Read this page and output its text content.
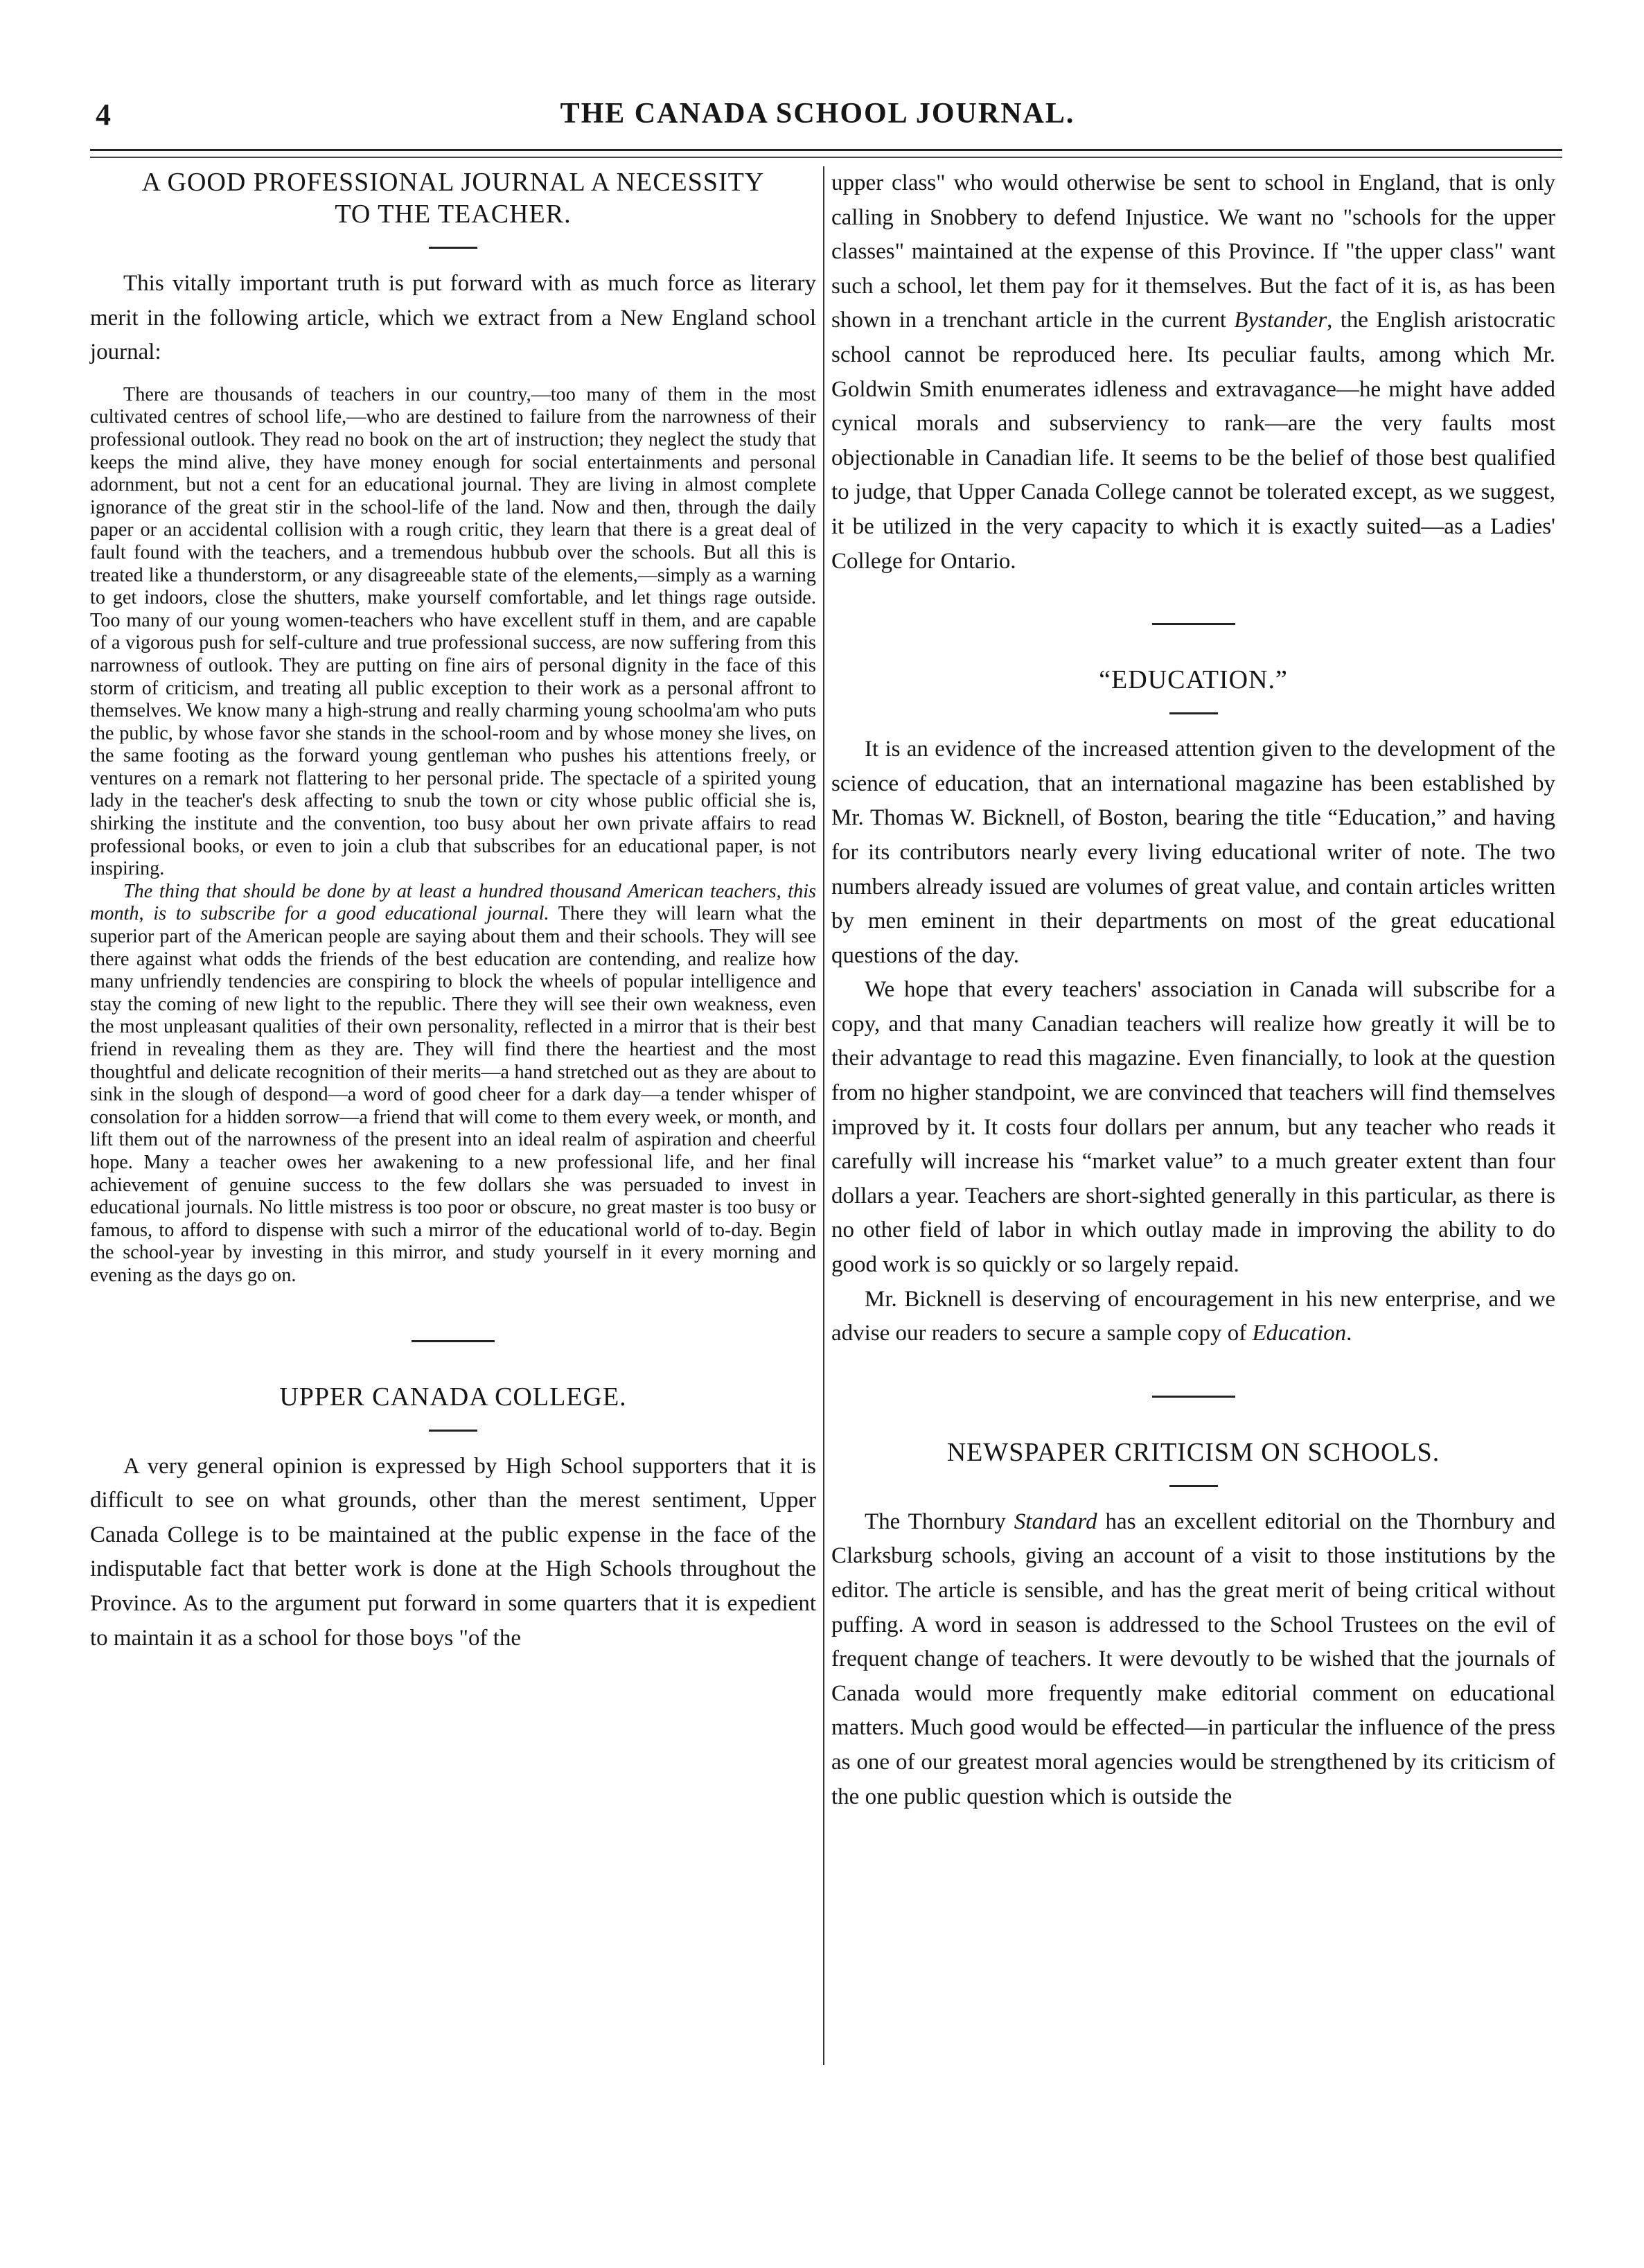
4	THE CANADA SCHOOL JOURNAL.
A GOOD PROFESSIONAL JOURNAL A NECESSITY
TO THE TEACHER.

This vitally important truth is put forward with as much force as literary merit in the following article, which we extract from a New England school journal:

There are thousands of teachers in our country,—too many of them in the most cultivated centres of school life,—who are destined to failure from the narrowness of their professional outlook. They read no book on the art of instruction; they neglect the study that keeps the mind alive, they have money enough for social entertainments and personal adornment, but not a cent for an educational journal. They are living in almost complete ignorance of the great stir in the school-life of the land. Now and then, through the daily paper or an accidental collision with a rough critic, they learn that there is a great deal of fault found with the teachers, and a tremendous hubbub over the schools. But all this is treated like a thunderstorm, or any disagreeable state of the elements,—simply as a warning to get indoors, close the shutters, make yourself comfortable, and let things rage outside. Too many of our young women-teachers who have excellent stuff in them, and are capable of a vigorous push for self-culture and true professional success, are now suffering from this narrowness of outlook. They are putting on fine airs of personal dignity in the face of this storm of criticism, and treating all public exception to their work as a personal affront to themselves. We know many a high-strung and really charming young schoolma'am who puts the public, by whose favor she stands in the school-room and by whose money she lives, on the same footing as the forward young gentleman who pushes his attentions freely, or ventures on a remark not flattering to her personal pride. The spectacle of a spirited young lady in the teacher's desk affecting to snub the town or city whose public official she is, shirking the institute and the convention, too busy about her own private affairs to read professional books, or even to join a club that subscribes for an educational paper, is not inspiring.

The thing that should be done by at least a hundred thousand American teachers, this month, is to subscribe for a good educational journal. There they will learn what the superior part of the American people are saying about them and their schools. They will see there against what odds the friends of the best education are contending, and realize how many unfriendly tendencies are conspiring to block the wheels of popular intelligence and stay the coming of new light to the republic. There they will see their own weakness, even the most unpleasant qualities of their own personality, reflected in a mirror that is their best friend in revealing them as they are. They will find there the heartiest and the most thoughtful and delicate recognition of their merits—a hand stretched out as they are about to sink in the slough of despond—a word of good cheer for a dark day—a tender whisper of consolation for a hidden sorrow—a friend that will come to them every week, or month, and lift them out of the narrowness of the present into an ideal realm of aspiration and cheerful hope. Many a teacher owes her awakening to a new professional life, and her final achievement of genuine success to the few dollars she was persuaded to invest in educational journals. No little mistress is too poor or obscure, no great master is too busy or famous, to afford to dispense with such a mirror of the educational world of to-day. Begin the school-year by investing in this mirror, and study yourself in it every morning and evening as the days go on.

UPPER CANADA COLLEGE.

A very general opinion is expressed by High School supporters that it is difficult to see on what grounds, other than the merest sentiment, Upper Canada College is to be maintained at the public expense in the face of the indisputable fact that better work is done at the High Schools throughout the Province. As to the argument put forward in some quarters that it is expedient to maintain it as a school for those boys "of the

upper class" who would otherwise be sent to school in England, that is only calling in Snobbery to defend Injustice. We want no "schools for the upper classes" maintained at the expense of this Province. If "the upper class" want such a school, let them pay for it themselves. But the fact of it is, as has been shown in a trenchant article in the current Bystander, the English aristocratic school cannot be reproduced here. Its peculiar faults, among which Mr. Goldwin Smith enumerates idleness and extravagance—he might have added cynical morals and subserviency to rank—are the very faults most objectionable in Canadian life. It seems to be the belief of those best qualified to judge, that Upper Canada College cannot be tolerated except, as we suggest, it be utilized in the very capacity to which it is exactly suited—as a Ladies' College for Ontario.

“EDUCATION.”

It is an evidence of the increased attention given to the development of the science of education, that an international magazine has been established by Mr. Thomas W. Bicknell, of Boston, bearing the title “Education,” and having for its contributors nearly every living educational writer of note. The two numbers already issued are volumes of great value, and contain articles written by men eminent in their departments on most of the great educational questions of the day.

We hope that every teachers' association in Canada will subscribe for a copy, and that many Canadian teachers will realize how greatly it will be to their advantage to read this magazine. Even financially, to look at the question from no higher standpoint, we are convinced that teachers will find themselves improved by it. It costs four dollars per annum, but any teacher who reads it carefully will increase his “market value” to a much greater extent than four dollars a year. Teachers are short-sighted generally in this particular, as there is no other field of labor in which outlay made in improving the ability to do good work is so quickly or so largely repaid.

Mr. Bicknell is deserving of encouragement in his new enterprise, and we advise our readers to secure a sample copy of Education.

NEWSPAPER CRITICISM ON SCHOOLS.

The Thornbury Standard has an excellent editorial on the Thornbury and Clarksburg schools, giving an account of a visit to those institutions by the editor. The article is sensible, and has the great merit of being critical without puffing. A word in season is addressed to the School Trustees on the evil of frequent change of teachers. It were devoutly to be wished that the journals of Canada would more frequently make editorial comment on educational matters. Much good would be effected—in particular the influence of the press as one of our greatest moral agencies would be strengthened by its criticism of the one public question which is outside the
